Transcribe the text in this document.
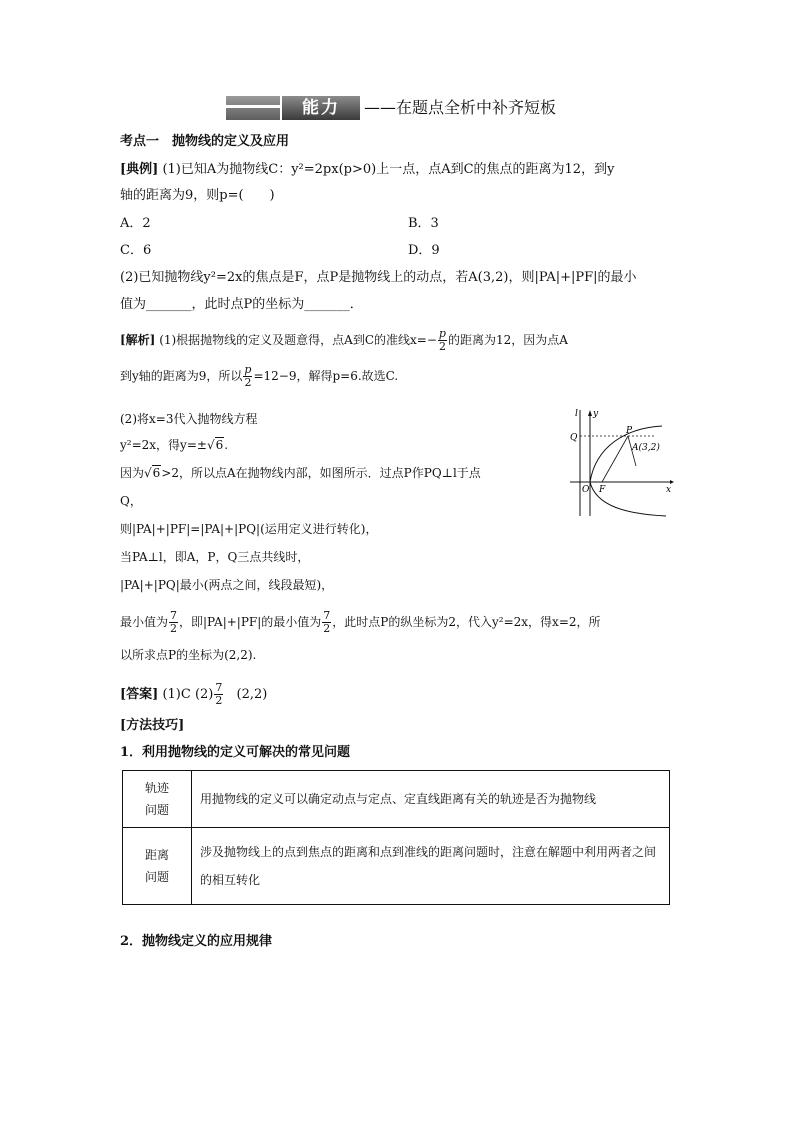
能力	——在题点全析中补齐短板
考点一　抛物线的定义及应用
[典例] (1)已知A为抛物线C：y²=2px(p>0)上一点，点A到C的焦点的距离为12，到y
轴的距离为9，则p=(　　)
A．2	B．3
C．6	D．9
(2)已知抛物线y²=2x的焦点是F，点P是抛物线上的动点，若A(3,2)，则|PA|+|PF|的最小
值为_______，此时点P的坐标为_______．
[解析] (1)根据抛物线的定义及题意得，点A到C的准线$x=- \frac{p}{2}$ 的距离为12，因为点A
到y轴的距离为9，所以 $\frac{p}{2} =12-9$，解得p=6.故选C.
(2)将x=3代入抛物线方程
y²=2x，得y=±√6.
因为√6>2，所以点A在抛物线内部，如图所示．过点P作PQ⊥l于点
Q，
则|PA|+|PF|=|PA|+|PQ|(运用定义进行转化)，
当PA⊥l，即A，P，Q三点共线时，
|PA|+|PQ|最小(两点之间，线段最短)，
最小值为 $\frac{7}{2}$ ，即|PA|+|PF|的最小值为 $\frac{7}{2}$ ，此时点P的纵坐标为2，代入y²=2x，得x=2，所
以所求点P的坐标为(2,2).
l y
Q
P
A(3,2)
O F	x
[答案] (1)C $(2) \frac{7}{2} (2,2)$
[方法技巧]
1．利用抛物线的定义可解决的常见问题
轨迹
问题	用抛物线的定义可以确定动点与定点、定直线距离有关的轨迹是否为抛物线

距离
问题	涉及抛物线上的点到焦点的距离和点到准线的距离问题时，注意在解题中利用两者之间的相互转化
2．抛物线定义的应用规律
